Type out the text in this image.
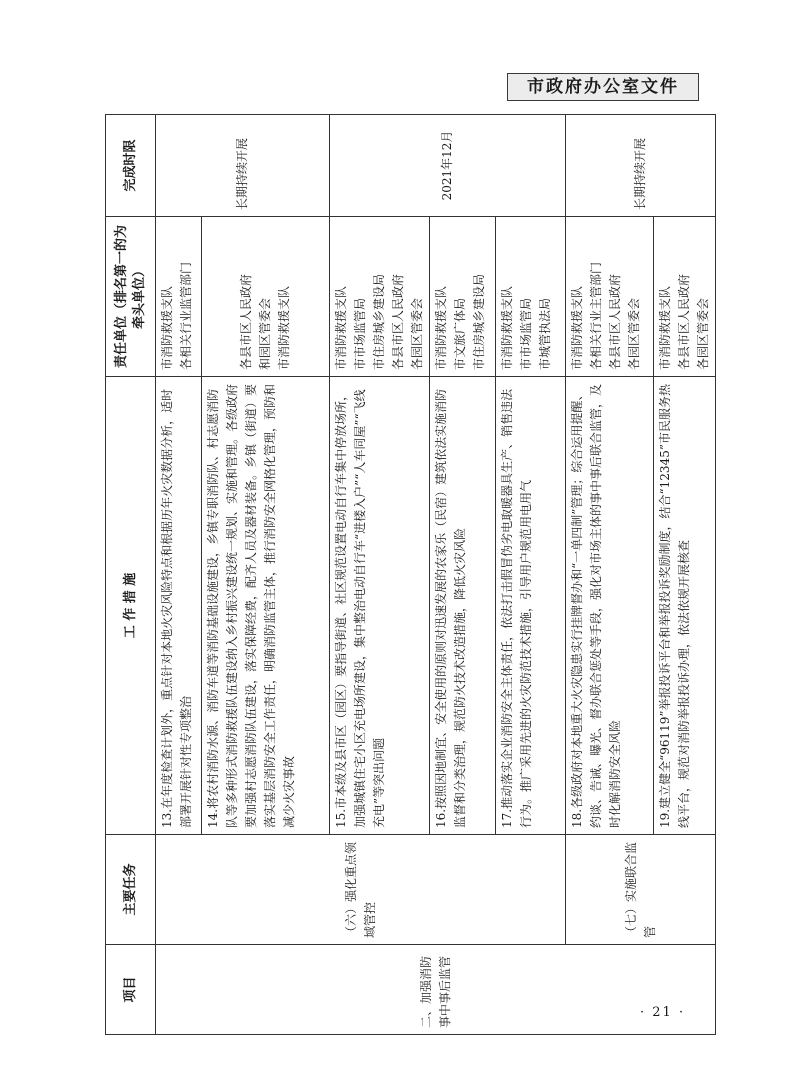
市政府办公室文件
项目	主要任务	工 作 措 施	责任单位（排名第一的为牵头单位）	完成时限
二、加强消防事中事后监管	（六）强化重点领域管控	13.在年度检查计划外，重点针对本地火灾风险特点和根据历年火灾数据分析，适时部署开展针对性专项整治	市消防救援支队
各相关行业监管部门	长期持续开展
		14.将农村消防水源、消防车道等消防基础设施建设，乡镇专职消防队、村志愿消防队等多种形式消防救援队伍建设纳入乡村振兴建设统一规划、实施和管理。各级政府要加强村志愿消防队伍建设，落实保障经费，配齐人员及器材装备。乡镇（街道）要落实基层消防安全工作责任，明确消防监管主体，推行消防安全网格化管理，预防和减少火灾事故	各县市区人民政府
和园区管委会
市消防救援支队	
		15.市本级及县市区（园区）要指导街道、社区规范设置电动自行车集中停放场所，加强城镇住宅小区充电场所建设，集中整治电动自行车“进楼入户”“人车同屋”“飞线充电”等突出问题	市消防救援支队
市市场监管局
市住房城乡建设局
各县市区人民政府
各园区管委会	2021年12月
		16.按照因地制宜、安全使用的原则对迅速发展的农家乐（民宿）建筑依法实施消防监督和分类治理，规范防火技术改造措施，降低火灾风险	市消防救援支队
市文旅广体局
市住房城乡建设局	
		17.推动落实企业消防安全主体责任，依法打击假冒伪劣电取暖器具生产、销售违法行为。推广采用先进的火灾防范技术措施，引导用户规范用电用气	市消防救援支队
市市场监管局
市城管执法局	
	（七）实施联合监管	18.各级政府对本地重大火灾隐患实行挂牌督办和“一单四制”管理；综合运用提醒、约谈、告诫、曝光、督办联合惩处等手段，强化对市场主体的事中事后联合监管，及时化解消防安全风险	市消防救援支队
各相关行业主管部门
各县市区人民政府
各园区管委会	长期持续开展
		19.建立健全“96119”举报投诉平台和举报投诉奖励制度，结合“12345”市民服务热线平台，规范对消防举报投诉办理，依法依规开展核查	市消防救援支队
各县市区人民政府
各园区管委会	
· 21 ·
